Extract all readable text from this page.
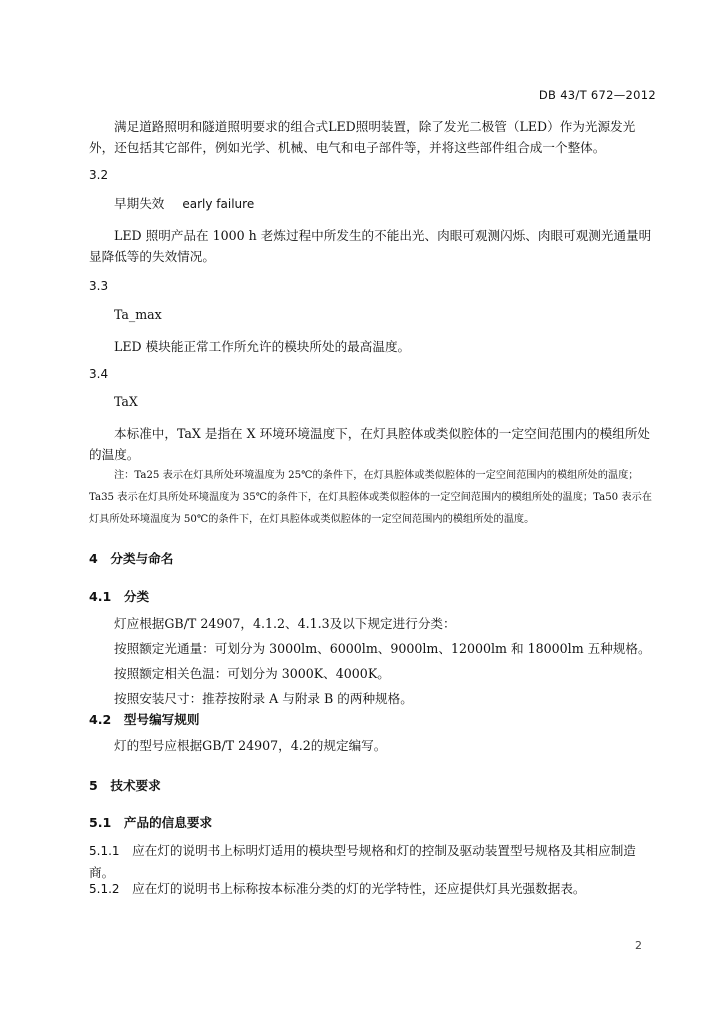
DB 43/T 672—2012
满足道路照明和隧道照明要求的组合式LED照明装置，除了发光二极管（LED）作为光源发光外，还包括其它部件，例如光学、机械、电气和电子部件等，并将这些部件组合成一个整体。
3.2
早期失效 early failure
LED 照明产品在 1000 h 老炼过程中所发生的不能出光、肉眼可观测闪烁、肉眼可观测光通量明显降低等的失效情况。
3.3
Ta_max
LED 模块能正常工作所允许的模块所处的最高温度。
3.4
TaX
本标准中，TaX 是指在 X 环境环境温度下，在灯具腔体或类似腔体的一定空间范围内的模组所处的温度。
注：Ta25 表示在灯具所处环境温度为 25℃的条件下，在灯具腔体或类似腔体的一定空间范围内的模组所处的温度；Ta35 表示在灯具所处环境温度为 35℃的条件下，在灯具腔体或类似腔体的一定空间范围内的模组所处的温度；Ta50 表示在灯具所处环境温度为 50℃的条件下，在灯具腔体或类似腔体的一定空间范围内的模组所处的温度。
4　分类与命名
4.1　分类
灯应根据GB/T 24907，4.1.2、4.1.3及以下规定进行分类：
按照额定光通量：可划分为 3000lm、6000lm、9000lm、12000lm 和 18000lm 五种规格。
按照额定相关色温：可划分为 3000K、4000K。
按照安装尺寸：推荐按附录 A 与附录 B 的两种规格。
4.2　型号编写规则
灯的型号应根据GB/T 24907，4.2的规定编写。
5　技术要求
5.1　产品的信息要求
5.1.1　 应在灯的说明书上标明灯适用的模块型号规格和灯的控制及驱动装置型号规格及其相应制造商。
5.1.2　 应在灯的说明书上标称按本标准分类的灯的光学特性，还应提供灯具光强数据表。
2
